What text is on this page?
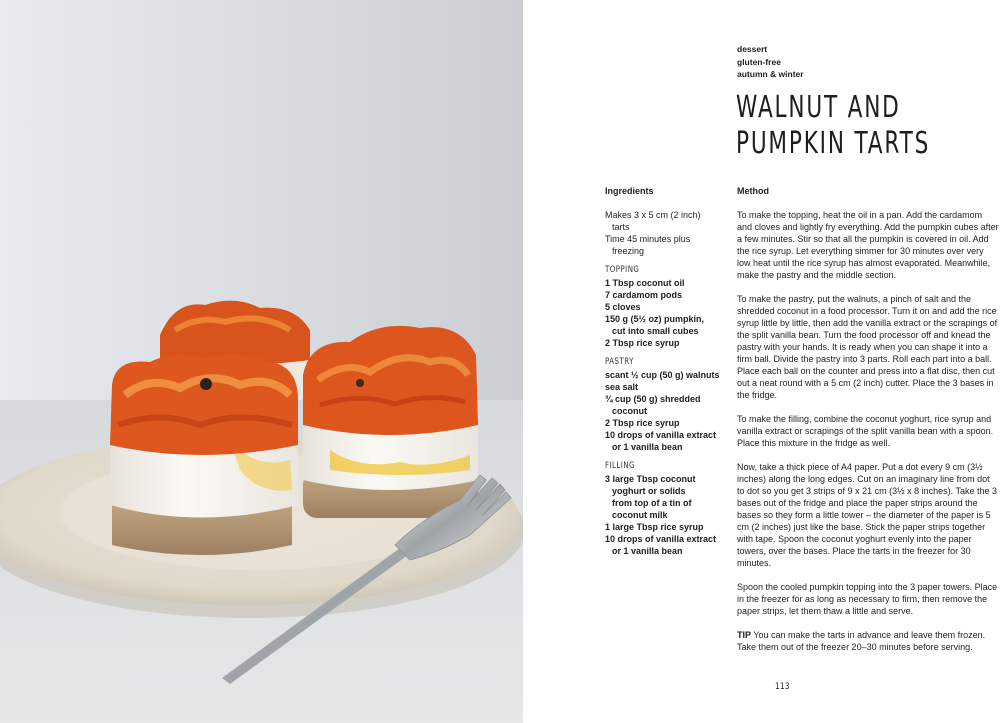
dessert
gluten-free
autumn & winter
WALNUT AND
PUMPKIN TARTS
Ingredients
Makes 3 x 5 cm (2 inch)
tarts
Time 45 minutes plus
freezing
TOPPING
1 Tbsp coconut oil
7 cardamom pods
5 cloves
150 g (5½ oz) pumpkin,
cut into small cubes
2 Tbsp rice syrup
PASTRY
scant ½ cup (50 g) walnuts
sea salt
¾ cup (50 g) shredded
coconut
2 Tbsp rice syrup
10 drops of vanilla extract
or 1 vanilla bean
FILLING
3 large Tbsp coconut
yoghurt or solids
from top of a tin of
coconut milk
1 large Tbsp rice syrup
10 drops of vanilla extract
or 1 vanilla bean
Method

To make the topping, heat the oil in a pan. Add the cardamom and cloves and lightly fry everything. Add the pumpkin cubes after a few minutes. Stir so that all the pumpkin is covered in oil. Add the rice syrup. Let everything simmer for 30 minutes over very low heat until the rice syrup has almost evaporated. Meanwhile, make the pastry and the middle section.

To make the pastry, put the walnuts, a pinch of salt and the shredded coconut in a food processor. Turn it on and add the rice syrup little by little, then add the vanilla extract or the scrapings of the split vanilla bean. Turn the food processor off and knead the pastry with your hands. It is ready when you can shape it into a firm ball. Divide the pastry into 3 parts. Roll each part into a ball. Place each ball on the counter and press into a flat disc, then cut out a neat round with a 5 cm (2 inch) cutter. Place the 3 bases in the fridge.

To make the filling, combine the coconut yoghurt, rice syrup and vanilla extract or scrapings of the split vanilla bean with a spoon. Place this mixture in the fridge as well.

Now, take a thick piece of A4 paper. Put a dot every 9 cm (3½ inches) along the long edges. Cut on an imaginary line from dot to dot so you get 3 strips of 9 x 21 cm (3½ x 8 inches). Take the 3 bases out of the fridge and place the paper strips around the bases so they form a little tower – the diameter of the paper is 5 cm (2 inches) just like the base. Stick the paper strips together with tape. Spoon the coconut yoghurt evenly into the paper towers, over the bases. Place the tarts in the freezer for 30 minutes.

Spoon the cooled pumpkin topping into the 3 paper towers. Place in the freezer for as long as necessary to firm, then remove the paper strips, let them thaw a little and serve.

TIP You can make the tarts in advance and leave them frozen. Take them out of the freezer 20–30 minutes before serving.

113
